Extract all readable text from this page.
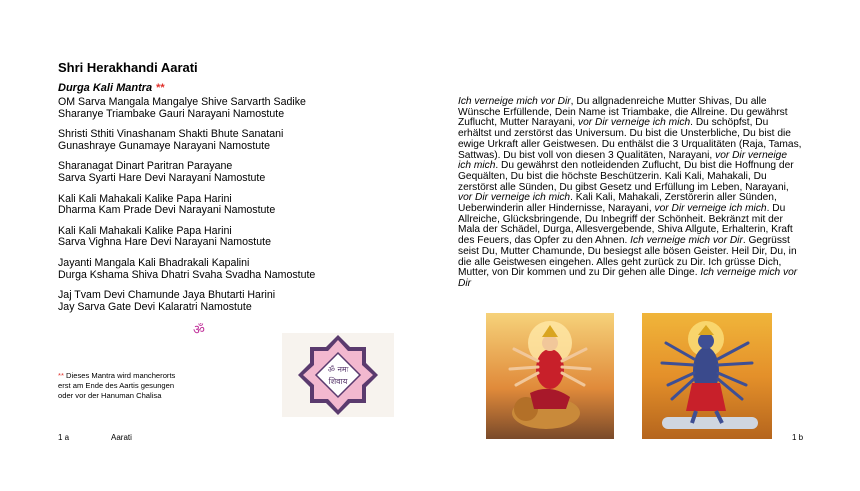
Shri Herakhandi Aarati
Durga Kali Mantra **
OM Sarva Mangala Mangalye Shive Sarvarth Sadike
Sharanye Triambake Gauri Narayani Namostute
Shristi Sthiti Vinashanam Shakti Bhute Sanatani
Gunashraye Gunamaye Narayani Namostute
Sharanagat Dinart Paritran Parayane
Sarva Syarti Hare Devi Narayani Namostute
Kali Kali Mahakali Kalike Papa Harini
Dharma Kam Prade Devi Narayani Namostute
Kali Kali Mahakali Kalike Papa Harini
Sarva Vighna Hare Devi Narayani Namostute
Jayanti Mangala Kali Bhadrakali Kapalini
Durga Kshama Shiva Dhatri Svaha Svadha Namostute
Jaj Tvam Devi Chamunde Jaya Bhutarti Harini
Jay Sarva Gate Devi Kalaratri Namostute
ॐ
** Dieses Mantra wird mancherorts
erst am Ende des Aartis gesungen
oder vor der Hanuman Chalisa
ॐ नमः
शिवाय
Ich verneige mich vor Dir, Du allgnadenreiche Mutter Shivas, Du alle Wünsche Erfüllende, Dein Name ist Triambake, die Allreine. Du gewährst Zuflucht, Mutter Narayani, vor Dir verneige ich mich. Du schöpfst, Du erhältst und zerstörst das Universum. Du bist die Unsterbliche, Du bist die ewige Urkraft aller Geistwesen. Du enthälst die 3 Urqualitäten (Raja, Tamas, Sattwas). Du bist voll von diesen 3 Qualitäten, Narayani, vor Dir verneige ich mich. Du gewährst den notleidenden Zuflucht, Du bist die Hoffnung der Gequälten, Du bist die höchste Beschützerin. Kali Kali, Mahakali, Du zerstörst alle Sünden, Du gibst Gesetz und Erfüllung im Leben, Narayani, vor Dir verneige ich mich. Kali Kali, Mahakali, Zerstörerin aller Sünden, Ueberwinderin aller Hindernisse, Narayani, vor Dir verneige ich mich. Du Allreiche, Glücksbringende, Du Inbegriff der Schönheit. Bekränzt mit der Mala der Schädel, Durga, Allesvergebende, Shiva Allgute, Erhalterin, Kraft des Feuers, das Opfer zu den Ahnen. Ich verneige mich vor Dir. Gegrüsst seist Du, Mutter Chamunde, Du besiegst alle bösen Geister. Heil Dir, Du, in die alle Geistwesen eingehen. Alles geht zurück zu Dir. Ich grüsse Dich, Mutter, von Dir kommen und zu Dir gehen alle Dinge. Ich verneige mich vor Dir
1 a	Aarati	1 b
